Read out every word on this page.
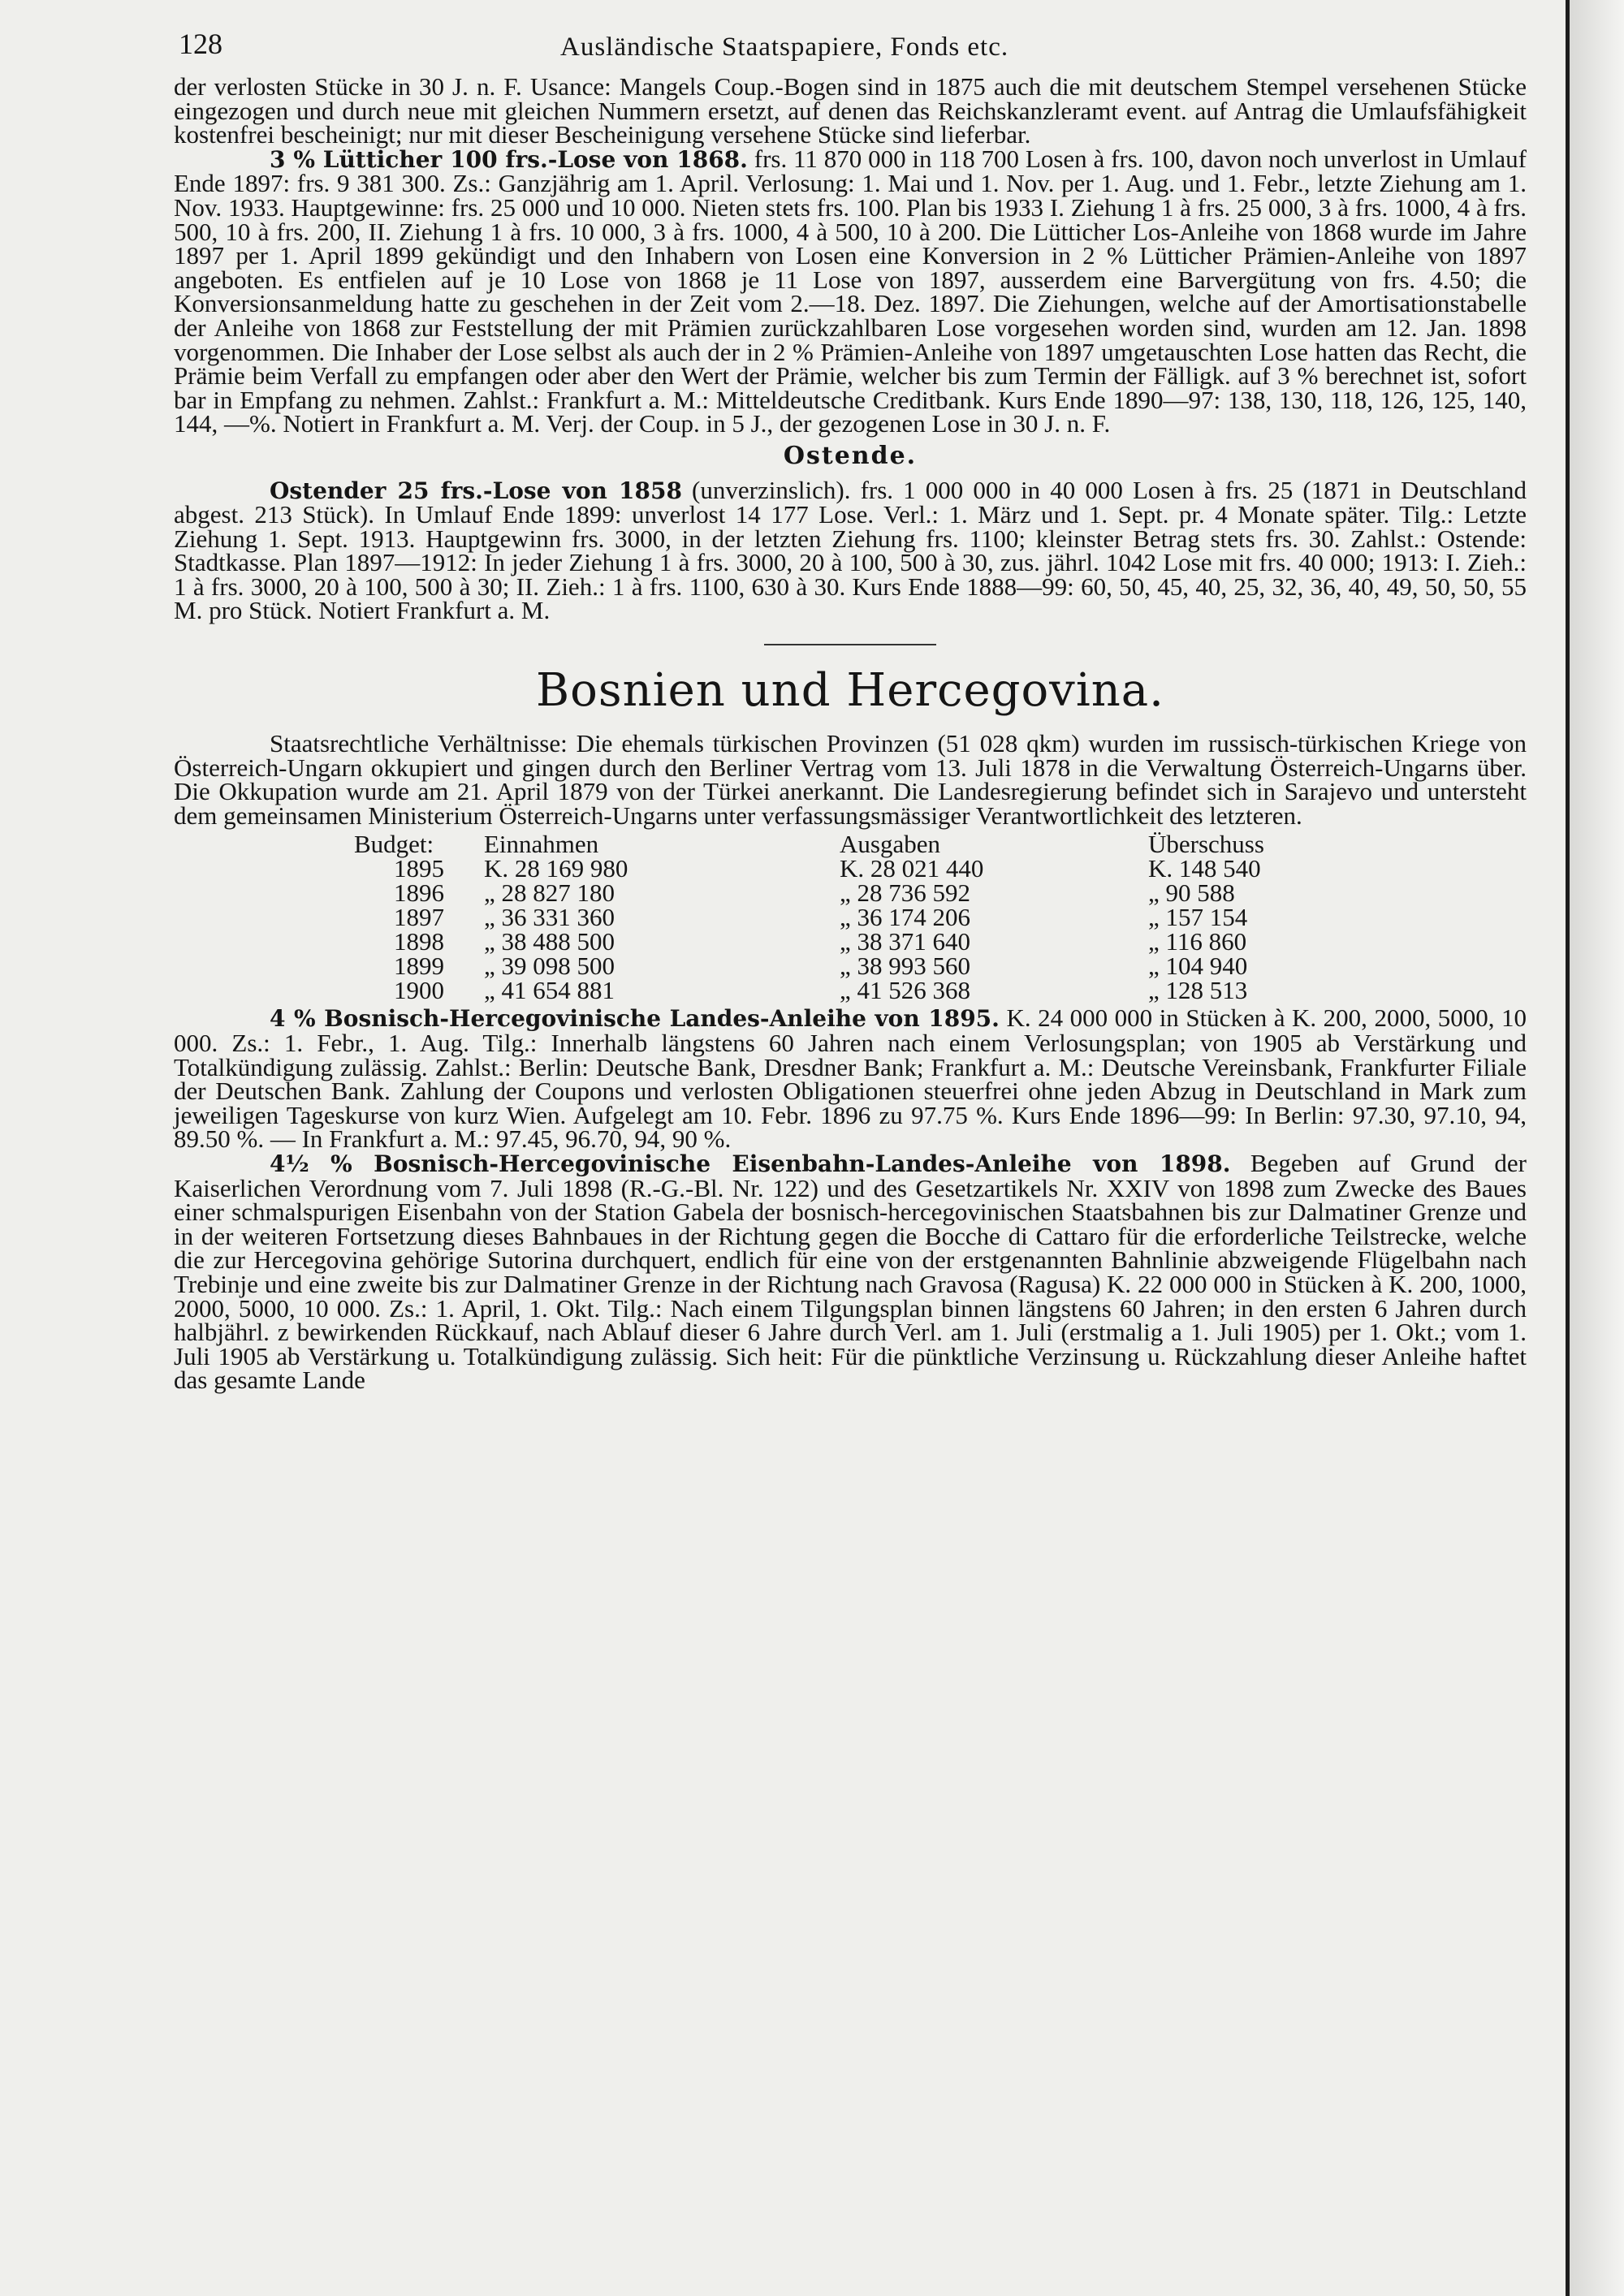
128	Ausländische Staatspapiere, Fonds etc.

der verlosten Stücke in 30 J. n. F. Usance: Mangels Coup.-Bogen sind in 1875 auch die mit deutschem Stempel versehenen Stücke eingezogen und durch neue mit gleichen Nummern ersetzt, auf denen das Reichskanzleramt event. auf Antrag die Umlaufsfähigkeit kostenfrei bescheinigt; nur mit dieser Bescheinigung versehene Stücke sind lieferbar.

3 % Lütticher 100 frs.-Lose von 1868. frs. 11 870 000 in 118 700 Losen à frs. 100, davon noch unverlost in Umlauf Ende 1897: frs. 9 381 300. Zs.: Ganzjährig am 1. April. Verlosung: 1. Mai und 1. Nov. per 1. Aug. und 1. Febr., letzte Ziehung am 1. Nov. 1933. Hauptgewinne: frs. 25 000 und 10 000. Nieten stets frs. 100. Plan bis 1933 I. Ziehung 1 à frs. 25 000, 3 à frs. 1000, 4 à frs. 500, 10 à frs. 200, II. Ziehung 1 à frs. 10 000, 3 à frs. 1000, 4 à 500, 10 à 200. Die Lütticher Los-Anleihe von 1868 wurde im Jahre 1897 per 1. April 1899 gekündigt und den Inhabern von Losen eine Konversion in 2 % Lütticher Prämien-Anleihe von 1897 angeboten. Es entfielen auf je 10 Lose von 1868 je 11 Lose von 1897, ausserdem eine Barvergütung von frs. 4.50; die Konversionsanmeldung hatte zu geschehen in der Zeit vom 2.—18. Dez. 1897. Die Ziehungen, welche auf der Amortisationstabelle der Anleihe von 1868 zur Feststellung der mit Prämien zurückzahlbaren Lose vorgesehen worden sind, wurden am 12. Jan. 1898 vorgenommen. Die Inhaber der Lose selbst als auch der in 2 % Prämien-Anleihe von 1897 umgetauschten Lose hatten das Recht, die Prämie beim Verfall zu empfangen oder aber den Wert der Prämie, welcher bis zum Termin der Fälligk. auf 3 % berechnet ist, sofort bar in Empfang zu nehmen. Zahlst.: Frankfurt a. M.: Mitteldeutsche Creditbank. Kurs Ende 1890—97: 138, 130, 118, 126, 125, 140, 144, —%. Notiert in Frankfurt a. M. Verj. der Coup. in 5 J., der gezogenen Lose in 30 J. n. F.

Ostende.

Ostender 25 frs.-Lose von 1858 (unverzinslich). frs. 1 000 000 in 40 000 Losen à frs. 25 (1871 in Deutschland abgest. 213 Stück). In Umlauf Ende 1899: unverlost 14 177 Lose. Verl.: 1. März und 1. Sept. pr. 4 Monate später. Tilg.: Letzte Ziehung 1. Sept. 1913. Hauptgewinn frs. 3000, in der letzten Ziehung frs. 1100; kleinster Betrag stets frs. 30. Zahlst.: Ostende: Stadtkasse. Plan 1897—1912: In jeder Ziehung 1 à frs. 3000, 20 à 100, 500 à 30, zus. jährl. 1042 Lose mit frs. 40 000; 1913: I. Zieh.: 1 à frs. 3000, 20 à 100, 500 à 30; II. Zieh.: 1 à frs. 1100, 630 à 30. Kurs Ende 1888—99: 60, 50, 45, 40, 25, 32, 36, 40, 49, 50, 50, 55 M. pro Stück. Notiert Frankfurt a. M.

Bosnien und Hercegovina.

Staatsrechtliche Verhältnisse: Die ehemals türkischen Provinzen (51 028 qkm) wurden im russisch-türkischen Kriege von Österreich-Ungarn okkupiert und gingen durch den Berliner Vertrag vom 13. Juli 1878 in die Verwaltung Österreich-Ungarns über. Die Okkupation wurde am 21. April 1879 von der Türkei anerkannt. Die Landesregierung befindet sich in Sarajevo und untersteht dem gemeinsamen Ministerium Österreich-Ungarns unter verfassungsmässiger Verantwortlichkeit des letzteren.

Budget:	Einnahmen	Ausgaben	Überschuss
1895	K. 28 169 980	K. 28 021 440	K. 148 540
1896	„ 28 827 180	„ 28 736 592	„ 90 588
1897	„ 36 331 360	„ 36 174 206	„ 157 154
1898	„ 38 488 500	„ 38 371 640	„ 116 860
1899	„ 39 098 500	„ 38 993 560	„ 104 940
1900	„ 41 654 881	„ 41 526 368	„ 128 513

4 % Bosnisch-Hercegovinische Landes-Anleihe von 1895. K. 24 000 000 in Stücken à K. 200, 2000, 5000, 10 000. Zs.: 1. Febr., 1. Aug. Tilg.: Innerhalb längstens 60 Jahren nach einem Verlosungsplan; von 1905 ab Verstärkung und Totalkündigung zulässig. Zahlst.: Berlin: Deutsche Bank, Dresdner Bank; Frankfurt a. M.: Deutsche Vereinsbank, Frankfurter Filiale der Deutschen Bank. Zahlung der Coupons und verlosten Obligationen steuerfrei ohne jeden Abzug in Deutschland in Mark zum jeweiligen Tageskurse von kurz Wien. Aufgelegt am 10. Febr. 1896 zu 97.75 %. Kurs Ende 1896—99: In Berlin: 97.30, 97.10, 94, 89.50 %. — In Frankfurt a. M.: 97.45, 96.70, 94, 90 %.

4½ % Bosnisch-Hercegovinische Eisenbahn-Landes-Anleihe von 1898. Begeben auf Grund der Kaiserlichen Verordnung vom 7. Juli 1898 (R.-G.-Bl. Nr. 122) und des Gesetzartikels Nr. XXIV von 1898 zum Zwecke des Baues einer schmalspurigen Eisenbahn von der Station Gabela der bosnisch-hercegovinischen Staatsbahnen bis zur Dalmatiner Grenze und in der weiteren Fortsetzung dieses Bahnbaues in der Richtung gegen die Bocche di Cattaro für die erforderliche Teilstrecke, welche die zur Hercegovina gehörige Sutorina durchquert, endlich für eine von der erstgenannten Bahnlinie abzweigende Flügelbahn nach Trebinje und eine zweite bis zur Dalmatiner Grenze in der Richtung nach Gravosa (Ragusa) K. 22 000 000 in Stücken à K. 200, 1000, 2000, 5000, 10 000. Zs.: 1. April, 1. Okt. Tilg.: Nach einem Tilgungsplan binnen längstens 60 Jahren; in den ersten 6 Jahren durch halbjährl. z bewirkenden Rückkauf, nach Ablauf dieser 6 Jahre durch Verl. am 1. Juli (erstmalig a 1. Juli 1905) per 1. Okt.; vom 1. Juli 1905 ab Verstärkung u. Totalkündigung zulässig. Sich heit: Für die pünktliche Verzinsung u. Rückzahlung dieser Anleihe haftet das gesamte Lande
